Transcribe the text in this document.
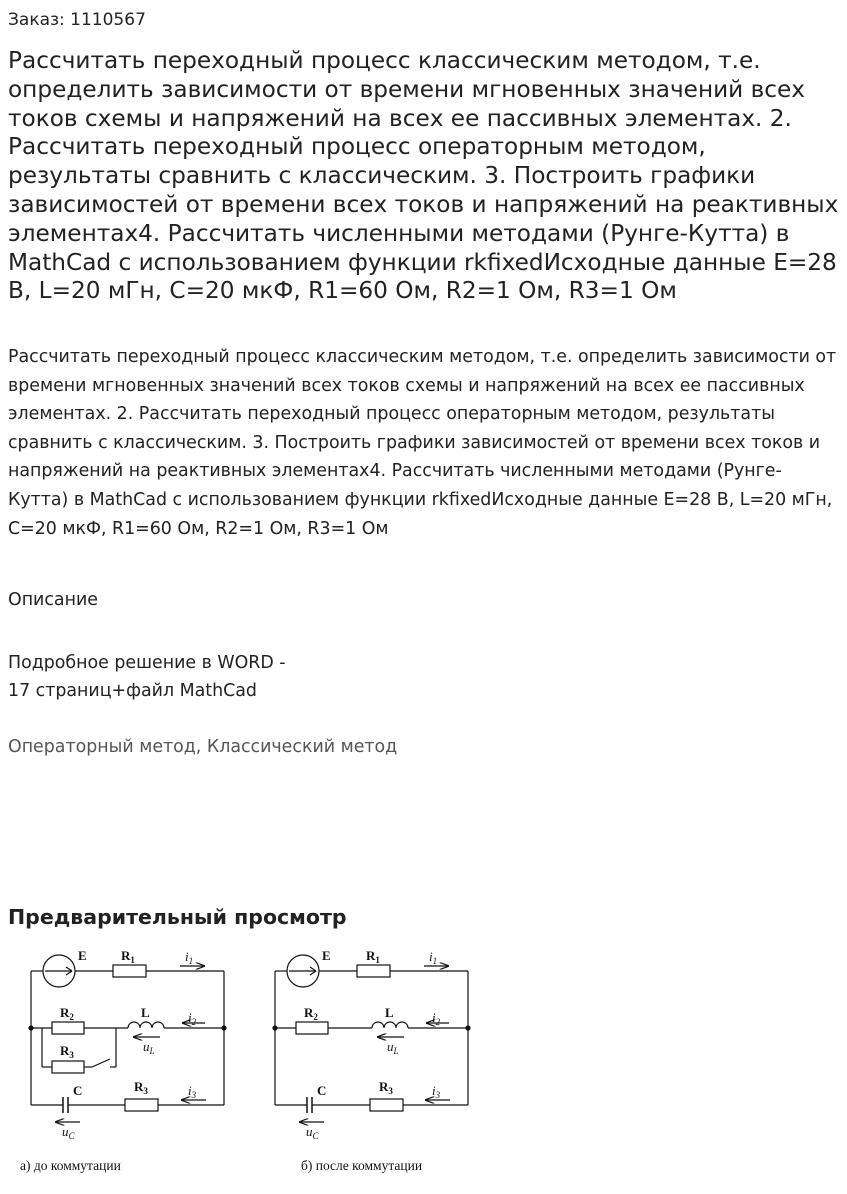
Заказ: 1110567
Рассчитать переходный процесс классическим методом, т.е. определить зависимости от времени мгновенных значений всех токов схемы и напряжений на всех ее пассивных элементах. 2. Рассчитать переходный процесс операторным методом, результаты сравнить с классическим. 3. Построить графики зависимостей от времени всех токов и напряжений на реактивных элементах4. Рассчитать численными методами (Рунге-Кутта) в MathCad с использованием функции rkfixedИсходные данные E=28 В, L=20 мГн, C=20 мкФ, R1=60 Ом, R2=1 Ом, R3=1 Ом

Рассчитать переходный процесс классическим методом, т.е. определить зависимости от времени мгновенных значений всех токов схемы и напряжений на всех ее пассивных элементах. 2. Рассчитать переходный процесс операторным методом, результаты сравнить с классическим. 3. Построить графики зависимостей от времени всех токов и напряжений на реактивных элементах4. Рассчитать численными методами (Рунге-Кутта) в MathCad с использованием функции rkfixedИсходные данные E=28 В, L=20 мГн, C=20 мкФ, R1=60 Ом, R2=1 Ом, R3=1 Ом

Описание
Подробное решение в WORD -
17 страниц+файл MathCad
Операторный метод, Классический метод
Предварительный просмотр
E	$R_1$	$i_1$
$R_2$	L	$i_2$
$u_L$
$R_3$
C	$R_3$	$i_3$
$u_C$
E	$R_1$	$i_1$
$R_2$	L	$i_2$
$u_L$
C	$R_3$	$i_3$
$u_C$
а) до коммутации	б) после коммутации
